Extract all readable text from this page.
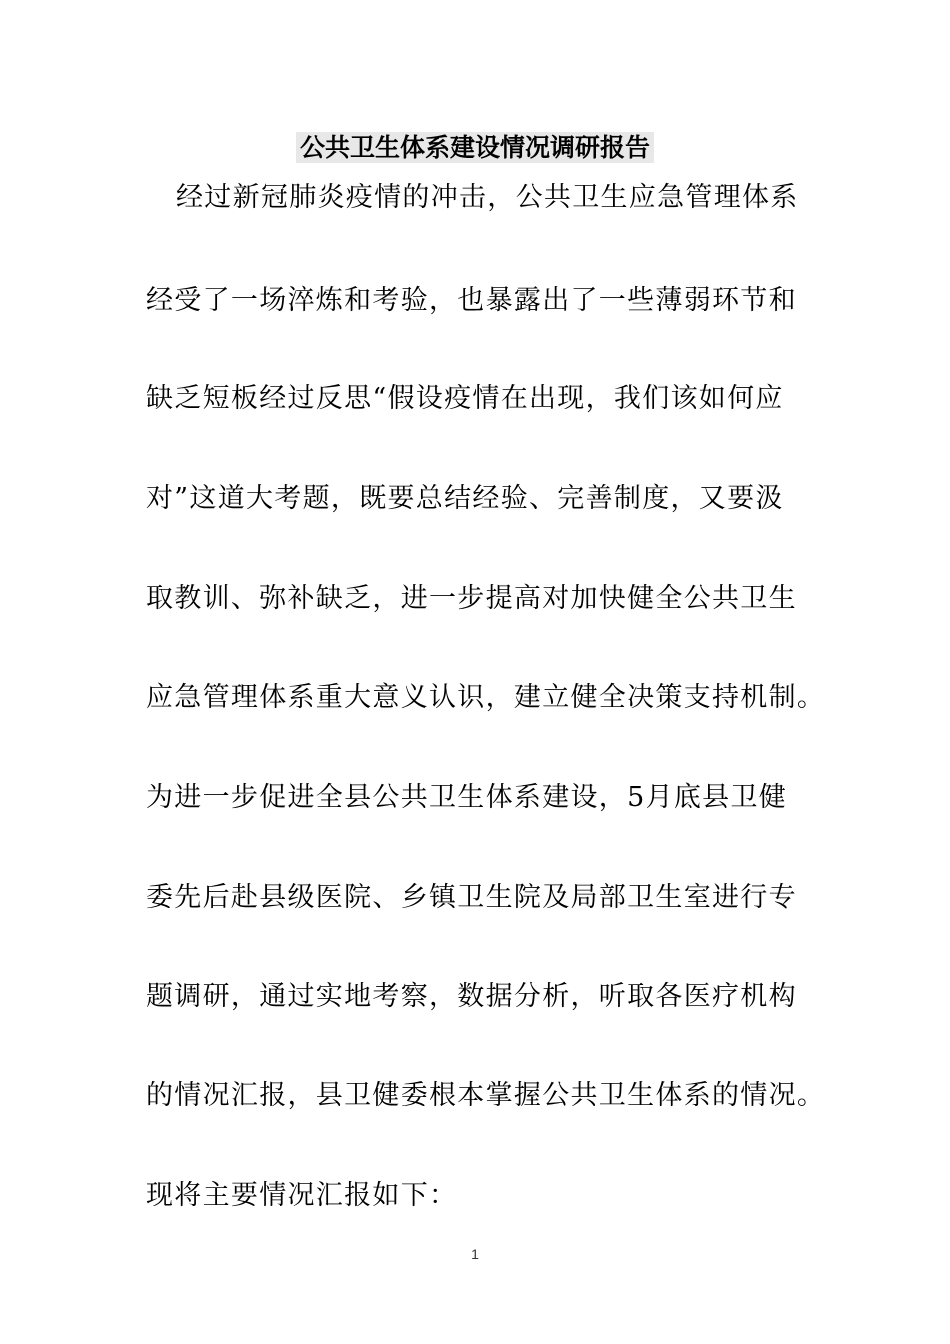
公共卫生体系建设情况调研报告
经过新冠肺炎疫情的冲击，公共卫生应急管理体系
经受了一场淬炼和考验，也暴露出了一些薄弱环节和
缺乏短板经过反思“假设疫情在出现，我们该如何应
对”这道大考题，既要总结经验、完善制度，又要汲
取教训、弥补缺乏，进一步提高对加快健全公共卫生
应急管理体系重大意义认识，建立健全决策支持机制。
为进一步促进全县公共卫生体系建设，5月底县卫健
委先后赴县级医院、乡镇卫生院及局部卫生室进行专
题调研，通过实地考察，数据分析，听取各医疗机构
的情况汇报，县卫健委根本掌握公共卫生体系的情况。
现将主要情况汇报如下：
1
